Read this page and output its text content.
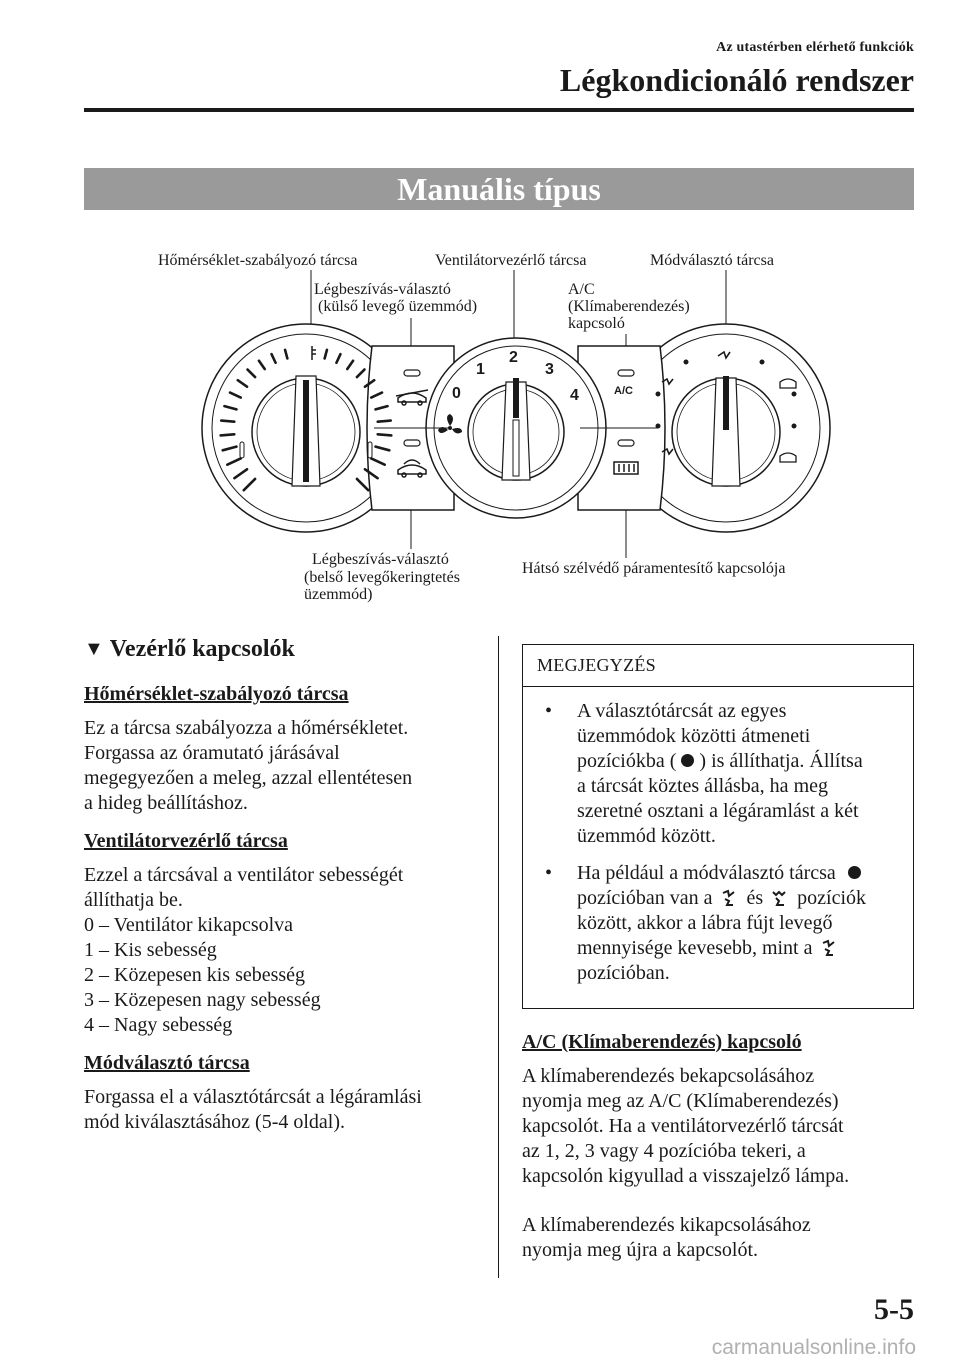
Az utastérben elérhető funkciók
Légkondicionáló rendszer
Manuális típus
Hőmérséklet-szabályozó tárcsa	Ventilátorvezérlő tárcsa	Módválasztó tárcsa
Légbeszívás-választó
(külső levegő üzemmód)
A/C
(Klímaberendezés)
kapcsoló
Légbeszívás-választó
(belső levegőkeringtetés
üzemmód)
Hátsó szélvédő páramentesítő kapcsolója
0
1
2
3
4	A/C
▼ Vezérlő kapcsolók
Hőmérséklet-szabályozó tárcsa
Ez a tárcsa szabályozza a hőmérsékletet.
Forgassa az óramutató járásával
megegyezően a meleg, azzal ellentétesen
a hideg beállításhoz.
Ventilátorvezérlő tárcsa
Ezzel a tárcsával a ventilátor sebességét
állíthatja be.
0 – Ventilátor kikapcsolva
1 – Kis sebesség
2 – Közepesen kis sebesség
3 – Közepesen nagy sebesség
4 – Nagy sebesség
Módválasztó tárcsa
Forgassa el a választótárcsát a légáramlási
mód kiválasztásához (5-4 oldal).
MEGJEGYZÉS
• A választótárcsát az egyes
üzemmódok közötti átmeneti
pozíciókba ( ) is állíthatja. Állítsa
a tárcsát köztes állásba, ha meg
szeretné osztani a légáramlást a két
üzemmód között.
• Ha például a módválasztó tárcsa
pozícióban van a és pozíciók
között, akkor a lábra fújt levegő
mennyisége kevesebb, mint a
pozícióban.
A/C (Klímaberendezés) kapcsoló
A klímaberendezés bekapcsolásához
nyomja meg az A/C (Klímaberendezés)
kapcsolót. Ha a ventilátorvezérlő tárcsát
az 1, 2, 3 vagy 4 pozícióba tekeri, a
kapcsolón kigyullad a visszajelző lámpa.
A klímaberendezés kikapcsolásához
nyomja meg újra a kapcsolót.
5-5
carmanualsonline.info
